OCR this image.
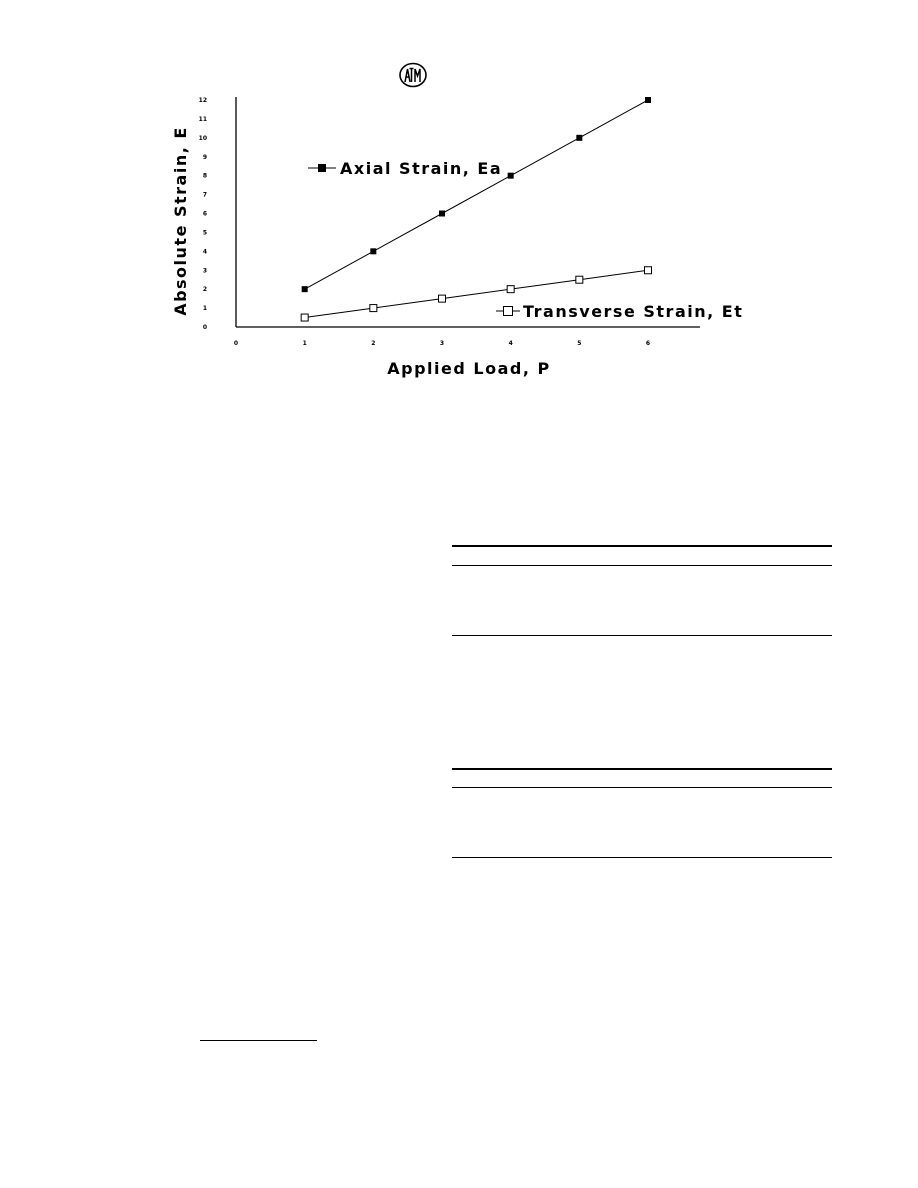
0
1
2
3
4
5
6
7
8
9
10
11
12
0	1	2	3	4	5	6
Absolute Strain, E
Applied Load, P
Axial Strain, Ea
Transverse Strain, Et
